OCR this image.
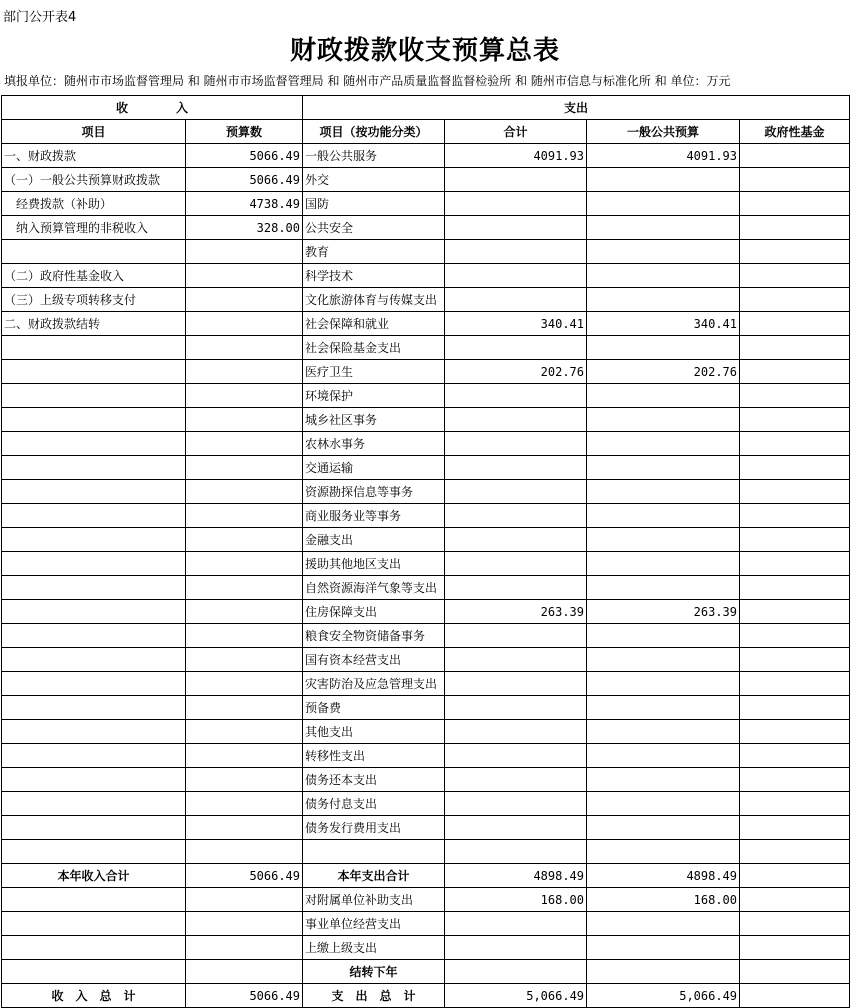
部门公开表4
财政拨款收支预算总表
填报单位：随州市市场监督管理局 和 随州市市场监督管理局 和 随州市产品质量监督监督检验所 和 随州市信息与标准化所 和 单位：万元
收　　　　入		支出			
项目	预算数	项目（按功能分类）	合计	一般公共预算	政府性基金
一、财政拨款	5066.49	一般公共服务	4091.93	4091.93	
（一）一般公共预算财政拨款	5066.49	外交			
　经费拨款（补助）	4738.49	国防			
　纳入预算管理的非税收入	328.00	公共安全			
		教育			
（二）政府性基金收入		科学技术			
（三）上级专项转移支付		文化旅游体育与传媒支出			
二、财政拨款结转		社会保障和就业	340.41	340.41	
		社会保险基金支出			
		医疗卫生	202.76	202.76	
		环境保护			
		城乡社区事务			
		农林水事务			
		交通运输			
		资源勘探信息等事务			
		商业服务业等事务			
		金融支出			
		援助其他地区支出			
		自然资源海洋气象等支出			
		住房保障支出	263.39	263.39	
		粮食安全物资储备事务			
		国有资本经营支出			
		灾害防治及应急管理支出			
		预备费			
		其他支出			
		转移性支出			
		债务还本支出			
		债务付息支出			
		债务发行费用支出			

本年收入合计	5066.49	本年支出合计	4898.49	4898.49	
		对附属单位补助支出	168.00	168.00	
		事业单位经营支出			
		上缴上级支出			
		结转下年			
收　入　总　计	5066.49	支　出　总　计	5,066.49	5,066.49	
